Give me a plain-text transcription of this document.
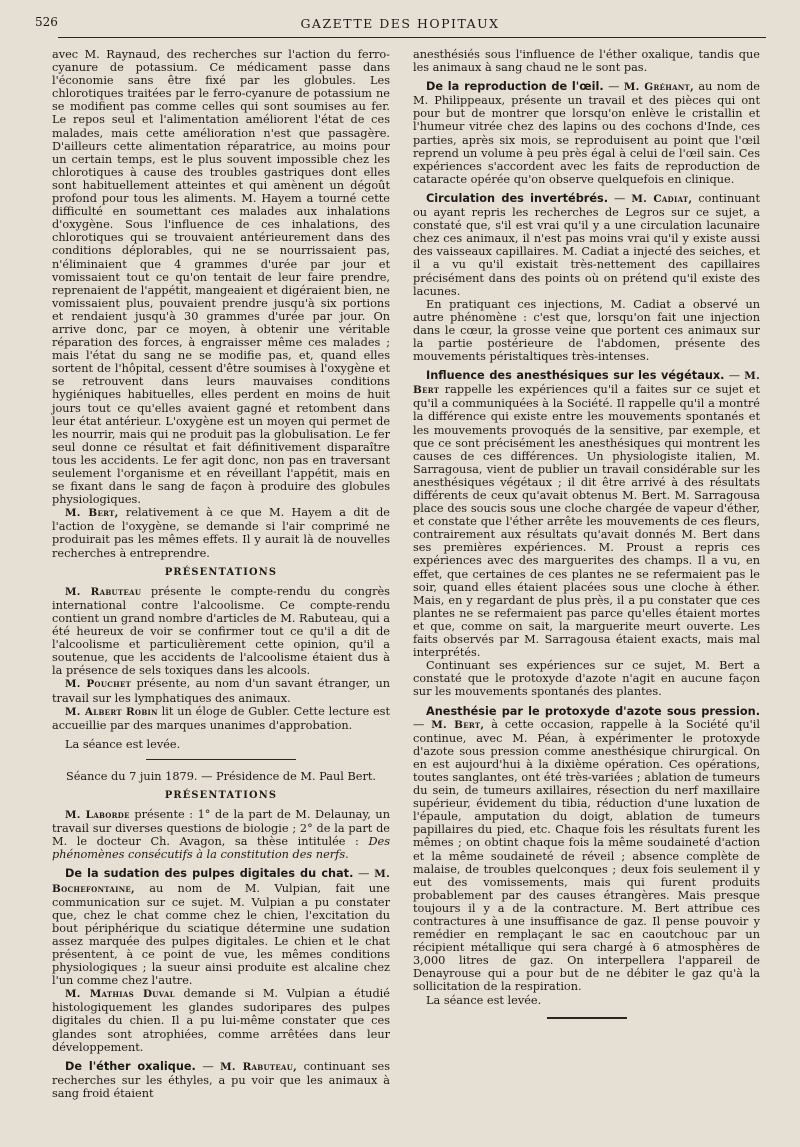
526	GAZETTE DES HOPITAUX

avec M. Raynaud, des recherches sur l'action du ferro-cyanure de potassium. Ce médicament passe dans l'économie sans être fixé par les globules. Les chlorotiques traitées par le ferro-cyanure de potassium ne se modifient pas comme celles qui sont soumises au fer. Le repos seul et l'alimentation améliorent l'état de ces malades, mais cette amélioration n'est que passagère. D'ailleurs cette alimentation réparatrice, au moins pour un certain temps, est le plus souvent impossible chez les chlorotiques à cause des troubles gastriques dont elles sont habituellement atteintes et qui amènent un dégoût profond pour tous les aliments. M. Hayem a tourné cette difficulté en soumettant ces malades aux inhalations d'oxygène. Sous l'influence de ces inhalations, des chlorotiques qui se trouvaient antérieurement dans des conditions déplorables, qui ne se nourrissaient pas, n'éliminaient que 4 grammes d'urée par jour et vomissaient tout ce qu'on tentait de leur faire prendre, reprenaient de l'appétit, mangeaient et digéraient bien, ne vomissaient plus, pouvaient prendre jusqu'à six portions et rendaient jusqu'à 30 grammes d'urée par jour. On arrive donc, par ce moyen, à obtenir une véritable réparation des forces, à engraisser même ces malades ; mais l'état du sang ne se modifie pas, et, quand elles sortent de l'hôpital, cessent d'être soumises à l'oxygène et se retrouvent dans leurs mauvaises conditions hygiéniques habituelles, elles perdent en moins de huit jours tout ce qu'elles avaient gagné et retombent dans leur état antérieur. L'oxygène est un moyen qui permet de les nourrir, mais qui ne produit pas la globulisation. Le fer seul donne ce résultat et fait définitivement disparaître tous les accidents. Le fer agit donc, non pas en traversant seulement l'organisme et en réveillant l'appétit, mais en se fixant dans le sang de façon à produire des globules physiologiques.

M. Bert, relativement à ce que M. Hayem a dit de l'action de l'oxygène, se demande si l'air comprimé ne produirait pas les mêmes effets. Il y aurait là de nouvelles recherches à entreprendre.

PRÉSENTATIONS

M. Rabuteau présente le compte-rendu du congrès international contre l'alcoolisme. Ce compte-rendu contient un grand nombre d'articles de M. Rabuteau, qui a été heureux de voir se confirmer tout ce qu'il a dit de l'alcoolisme et particulièrement cette opinion, qu'il a soutenue, que les accidents de l'alcoolisme étaient dus à la présence de sels toxiques dans les alcools.

M. Pouchet présente, au nom d'un savant étranger, un travail sur les lymphatiques des animaux.

M. Albert Robin lit un éloge de Gubler. Cette lecture est accueillie par des marques unanimes d'approbation.

La séance est levée.

Séance du 7 juin 1879. — Présidence de M. Paul Bert.
PRÉSENTATIONS

M. Laborde présente : 1° de la part de M. Delaunay, un travail sur diverses questions de biologie ; 2° de la part de M. le docteur Ch. Avagon, sa thèse intitulée : Des phénomènes consécutifs à la constitution des nerfs.

De la sudation des pulpes digitales du chat. — M. Bochefontaine, au nom de M. Vulpian, fait une communication sur ce sujet. M. Vulpian a pu constater que, chez le chat comme chez le chien, l'excitation du bout périphérique du sciatique détermine une sudation assez marquée des pulpes digitales. Le chien et le chat présentent, à ce point de vue, les mêmes conditions physiologiques ; la sueur ainsi produite est alcaline chez l'un comme chez l'autre.

M. Mathias Duval demande si M. Vulpian a étudié histologiquement les glandes sudoripares des pulpes digitales du chien. Il a pu lui-même constater que ces glandes sont atrophiées, comme arrêtées dans leur développement.

De l'éther oxalique. — M. Rabuteau, continuant ses recherches sur les éthyles, a pu voir que les animaux à sang froid étaient

anesthésiés sous l'influence de l'éther oxalique, tandis que les animaux à sang chaud ne le sont pas.

De la reproduction de l'œil. — M. Gréhant, au nom de M. Philippeaux, présente un travail et des pièces qui ont pour but de montrer que lorsqu'on enlève le cristallin et l'humeur vitrée chez des lapins ou des cochons d'Inde, ces parties, après six mois, se reproduisent au point que l'œil reprend un volume à peu près égal à celui de l'œil sain. Ces expériences s'accordent avec les faits de reproduction de cataracte opérée qu'on observe quelquefois en clinique.

Circulation des invertébrés. — M. Cadiat, continuant ou ayant repris les recherches de Legros sur ce sujet, a constaté que, s'il est vrai qu'il y a une circulation lacunaire chez ces animaux, il n'est pas moins vrai qu'il y existe aussi des vaisseaux capillaires. M. Cadiat a injecté des seiches, et il a vu qu'il existait très-nettement des capillaires précisément dans des points où on prétend qu'il existe des lacunes.

En pratiquant ces injections, M. Cadiat a observé un autre phénomène : c'est que, lorsqu'on fait une injection dans le cœur, la grosse veine que portent ces animaux sur la partie postérieure de l'abdomen, présente des mouvements péristaltiques très-intenses.

Influence des anesthésiques sur les végétaux. — M. Bert rappelle les expériences qu'il a faites sur ce sujet et qu'il a communiquées à la Société. Il rappelle qu'il a montré la différence qui existe entre les mouvements spontanés et les mouvements provoqués de la sensitive, par exemple, et que ce sont précisément les anesthésiques qui montrent les causes de ces différences. Un physiologiste italien, M. Sarragousa, vient de publier un travail considérable sur les anesthésiques végétaux ; il dit être arrivé à des résultats différents de ceux qu'avait obtenus M. Bert. M. Sarragousa place des soucis sous une cloche chargée de vapeur d'éther, et constate que l'éther arrête les mouvements de ces fleurs, contrairement aux résultats qu'avait donnés M. Bert dans ses premières expériences. M. Proust a repris ces expériences avec des marguerites des champs. Il a vu, en effet, que certaines de ces plantes ne se refermaient pas le soir, quand elles étaient placées sous une cloche à éther. Mais, en y regardant de plus près, il a pu constater que ces plantes ne se refermaient pas parce qu'elles étaient mortes et que, comme on sait, la marguerite meurt ouverte. Les faits observés par M. Sarragousa étaient exacts, mais mal interprétés.

Continuant ses expériences sur ce sujet, M. Bert a constaté que le protoxyde d'azote n'agit en aucune façon sur les mouvements spontanés des plantes.

Anesthésie par le protoxyde d'azote sous pression. — M. Bert, à cette occasion, rappelle à la Société qu'il continue, avec M. Péan, à expérimenter le protoxyde d'azote sous pression comme anesthésique chirurgical. On en est aujourd'hui à la dixième opération. Ces opérations, toutes sanglantes, ont été très-variées ; ablation de tumeurs du sein, de tumeurs axillaires, résection du nerf maxillaire supérieur, évidement du tibia, réduction d'une luxation de l'épaule, amputation du doigt, ablation de tumeurs papillaires du pied, etc. Chaque fois les résultats furent les mêmes ; on obtint chaque fois la même soudaineté d'action et la même soudaineté de réveil ; absence complète de malaise, de troubles quelconques ; deux fois seulement il y eut des vomissements, mais qui furent produits probablement par des causes étrangères. Mais presque toujours il y a de la contracture. M. Bert attribue ces contractures à une insuffisance de gaz. Il pense pouvoir y remédier en remplaçant le sac en caoutchouc par un récipient métallique qui sera chargé à 6 atmosphères de 3,000 litres de gaz. On interpellera l'appareil de Denayrouse qui a pour but de ne débiter le gaz qu'à la sollicitation de la respiration.

La séance est levée.
